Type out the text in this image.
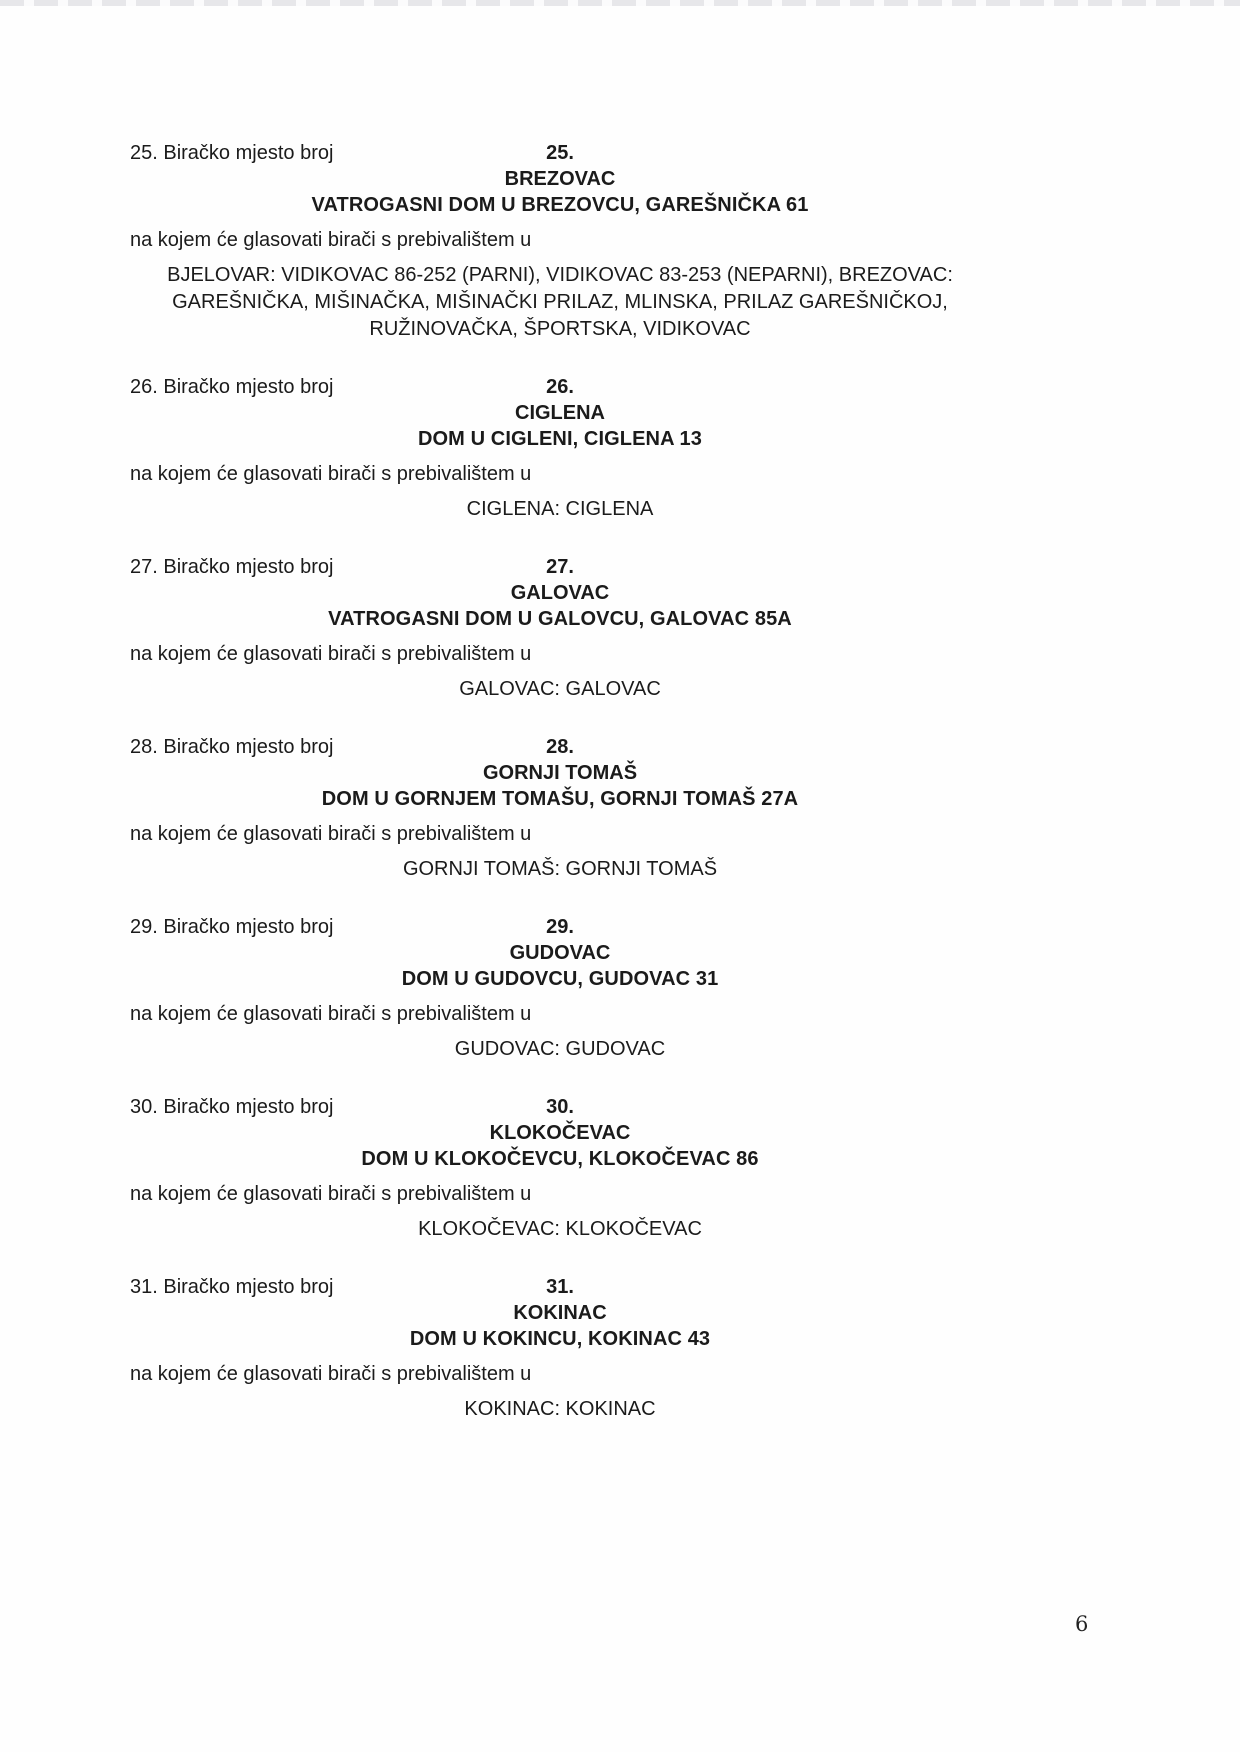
25. Biračko mjesto broj	25.
BREZOVAC
VATROGASNI DOM U BREZOVCU, GAREŠNIČKA 61
na kojem će glasovati birači s prebivalištem u
BJELOVAR: VIDIKOVAC 86-252 (PARNI), VIDIKOVAC 83-253 (NEPARNI), BREZOVAC: GAREŠNIČKA, MIŠINAČKA, MIŠINAČKI PRILAZ, MLINSKA, PRILAZ GAREŠNIČKOJ, RUŽINOVAČKA, ŠPORTSKA, VIDIKOVAC
26. Biračko mjesto broj	26.
CIGLENA
DOM U CIGLENI, CIGLENA 13
na kojem će glasovati birači s prebivalištem u
CIGLENA: CIGLENA
27. Biračko mjesto broj	27.
GALOVAC
VATROGASNI DOM U GALOVCU, GALOVAC 85A
na kojem će glasovati birači s prebivalištem u
GALOVAC: GALOVAC
28. Biračko mjesto broj	28.
GORNJI TOMAŠ
DOM U GORNJEM TOMAŠU, GORNJI TOMAŠ 27A
na kojem će glasovati birači s prebivalištem u
GORNJI TOMAŠ: GORNJI TOMAŠ
29. Biračko mjesto broj	29.
GUDOVAC
DOM U GUDOVCU, GUDOVAC 31
na kojem će glasovati birači s prebivalištem u
GUDOVAC: GUDOVAC
30. Biračko mjesto broj	30.
KLOKOČEVAC
DOM U KLOKOČEVCU, KLOKOČEVAC 86
na kojem će glasovati birači s prebivalištem u
KLOKOČEVAC: KLOKOČEVAC
31. Biračko mjesto broj	31.
KOKINAC
DOM U KOKINCU, KOKINAC 43
na kojem će glasovati birači s prebivalištem u
KOKINAC: KOKINAC
6
